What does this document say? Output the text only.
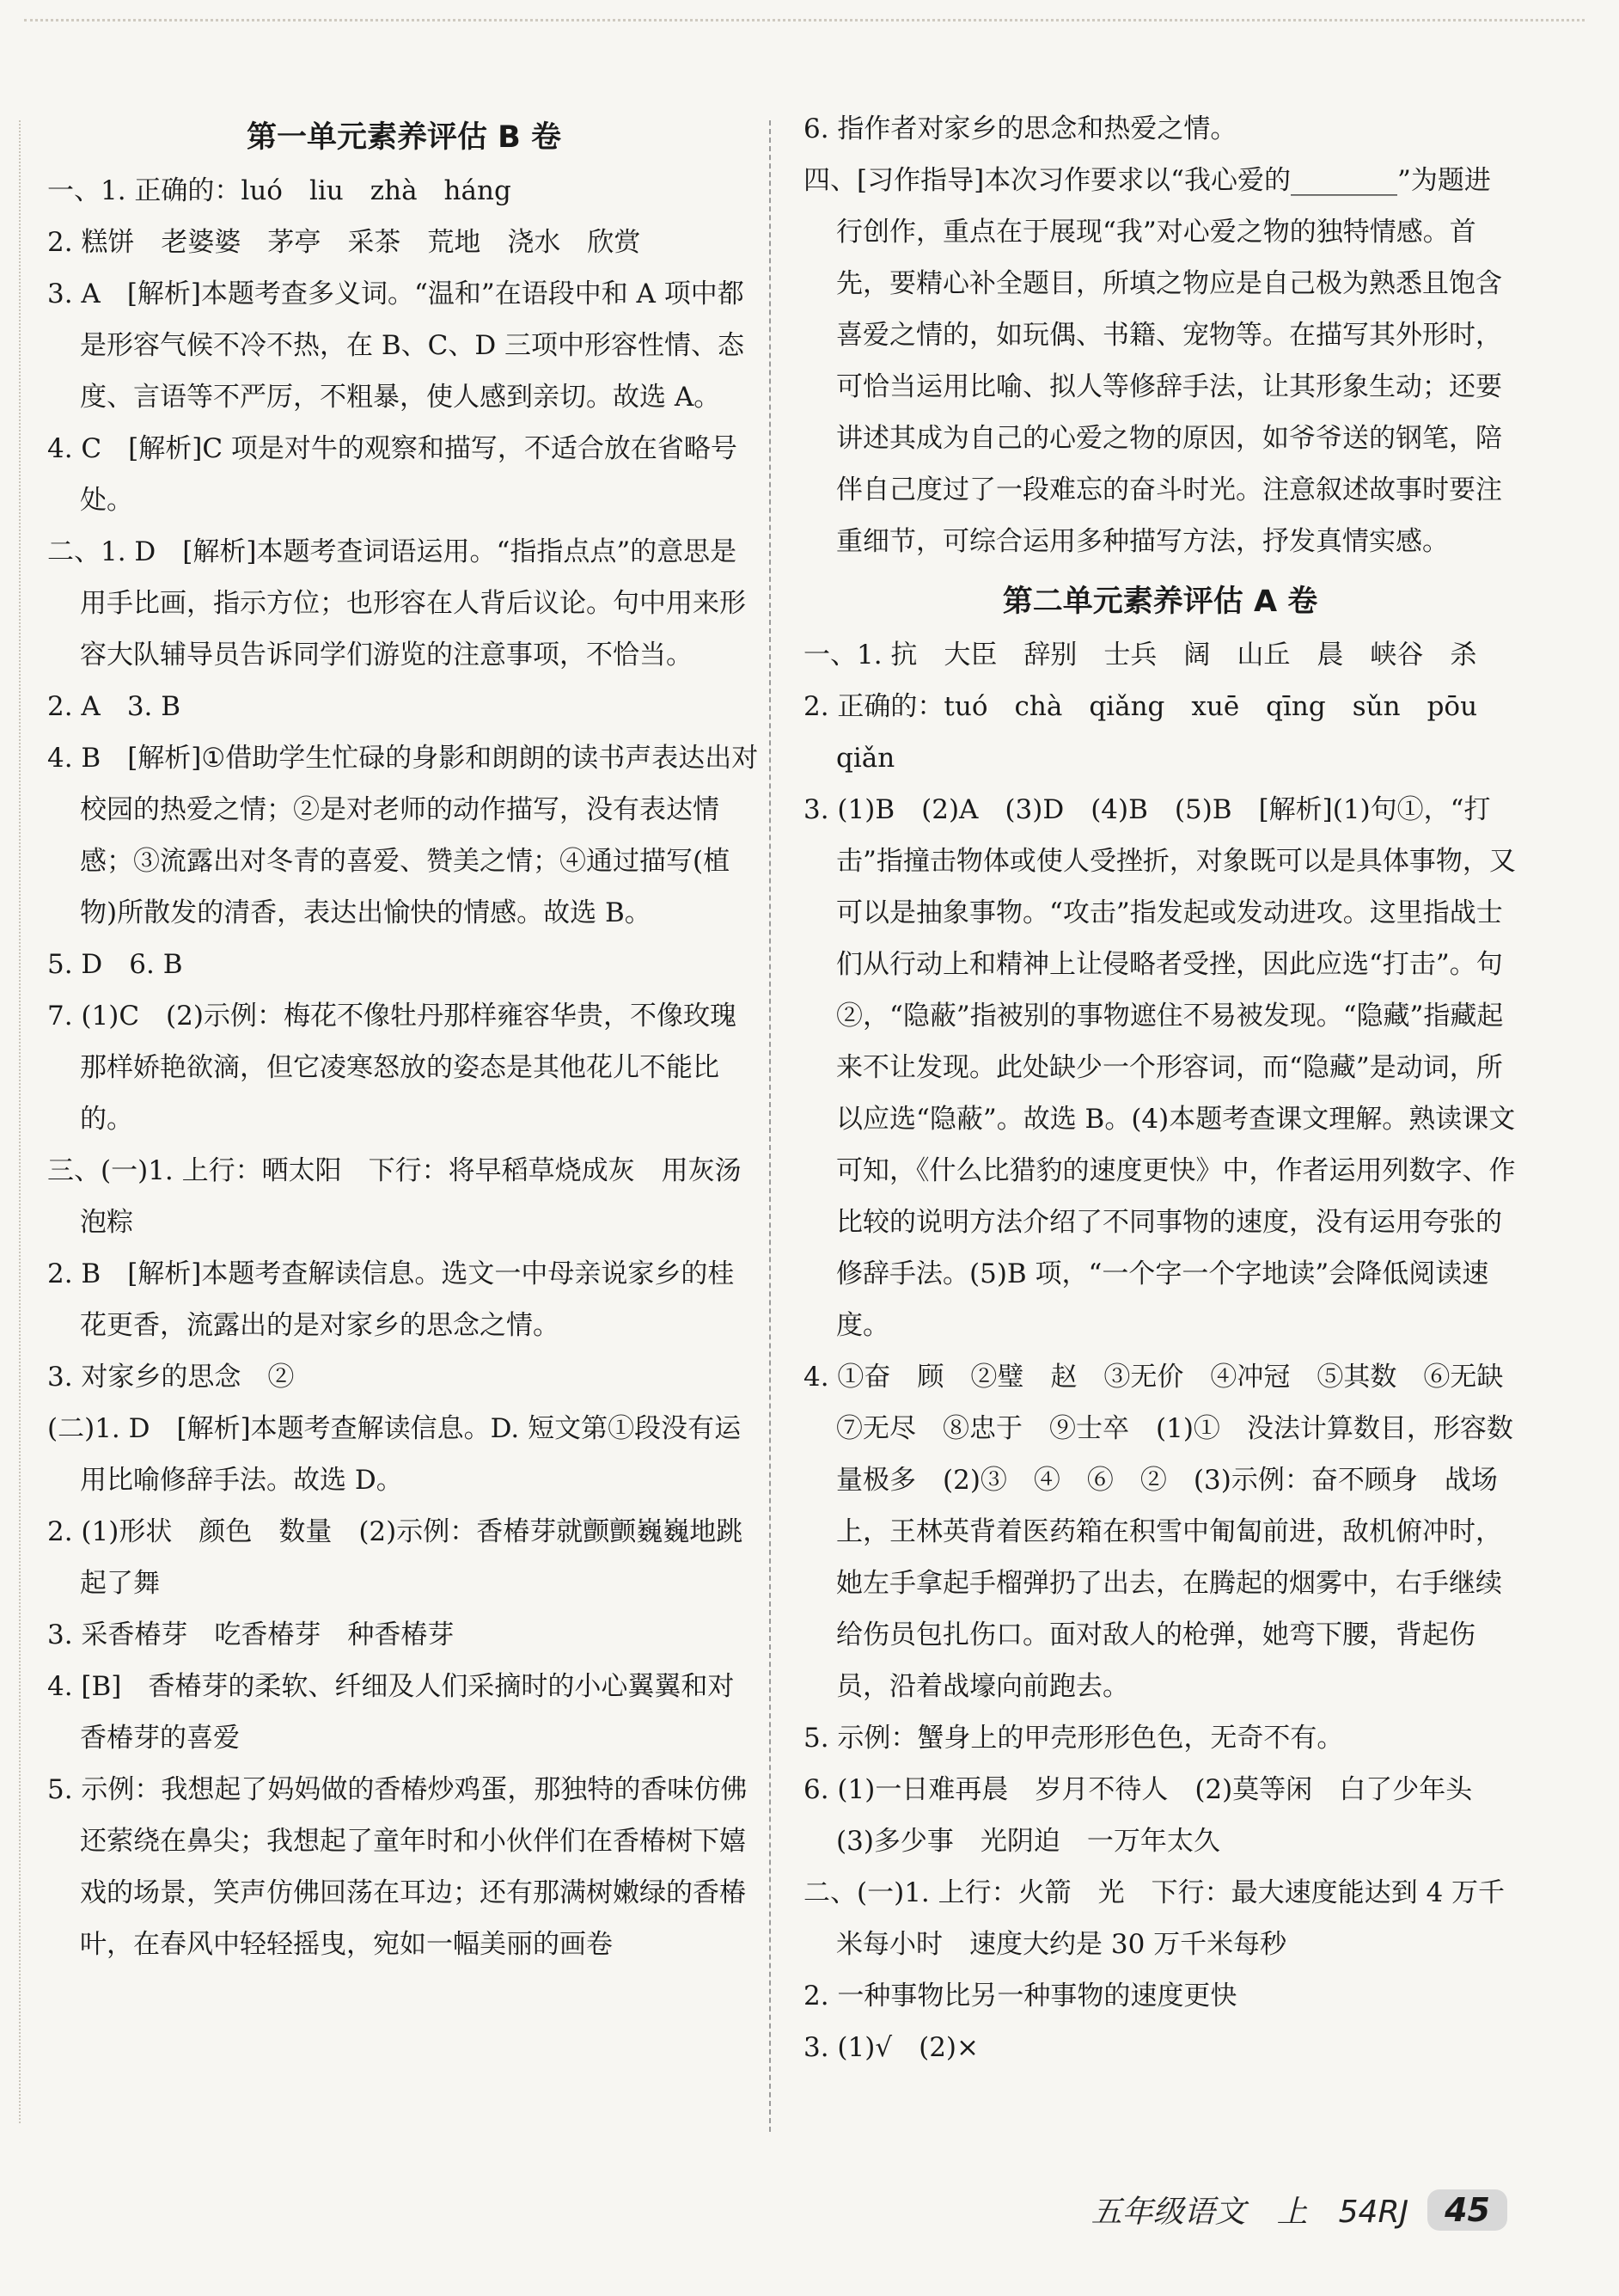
第一单元素养评估 B 卷
一、1. 正确的：luó　liu　zhà　háng
2. 糕饼　老婆婆　茅亭　采茶　荒地　浇水　欣赏
3. A　[解析]本题考查多义词。“温和”在语段中和 A 项中都是形容气候不冷不热，在 B、C、D 三项中形容性情、态度、言语等不严厉，不粗暴，使人感到亲切。故选 A。
4. C　[解析]C 项是对牛的观察和描写，不适合放在省略号处。
二、1. D　[解析]本题考查词语运用。“指指点点”的意思是用手比画，指示方位；也形容在人背后议论。句中用来形容大队辅导员告诉同学们游览的注意事项，不恰当。
2. A　3. B
4. B　[解析]①借助学生忙碌的身影和朗朗的读书声表达出对校园的热爱之情；②是对老师的动作描写，没有表达情感；③流露出对冬青的喜爱、赞美之情；④通过描写(植物)所散发的清香，表达出愉快的情感。故选 B。
5. D　6. B
7. (1)C　(2)示例：梅花不像牡丹那样雍容华贵，不像玫瑰那样娇艳欲滴，但它凌寒怒放的姿态是其他花儿不能比的。
三、(一)1. 上行：晒太阳　下行：将早稻草烧成灰　用灰汤泡粽
2. B　[解析]本题考查解读信息。选文一中母亲说家乡的桂花更香，流露出的是对家乡的思念之情。
3. 对家乡的思念　②
(二)1. D　[解析]本题考查解读信息。D. 短文第①段没有运用比喻修辞手法。故选 D。
2. (1)形状　颜色　数量　(2)示例：香椿芽就颤颤巍巍地跳起了舞
3. 采香椿芽　吃香椿芽　种香椿芽
4. [B]　香椿芽的柔软、纤细及人们采摘时的小心翼翼和对香椿芽的喜爱
5. 示例：我想起了妈妈做的香椿炒鸡蛋，那独特的香味仿佛还萦绕在鼻尖；我想起了童年时和小伙伴们在香椿树下嬉戏的场景，笑声仿佛回荡在耳边；还有那满树嫩绿的香椿叶，在春风中轻轻摇曳，宛如一幅美丽的画卷
6. 指作者对家乡的思念和热爱之情。
四、[习作指导]本次习作要求以“我心爱的________”为题进行创作，重点在于展现“我”对心爱之物的独特情感。首先，要精心补全题目，所填之物应是自己极为熟悉且饱含喜爱之情的，如玩偶、书籍、宠物等。在描写其外形时，可恰当运用比喻、拟人等修辞手法，让其形象生动；还要讲述其成为自己的心爱之物的原因，如爷爷送的钢笔，陪伴自己度过了一段难忘的奋斗时光。注意叙述故事时要注重细节，可综合运用多种描写方法，抒发真情实感。
第二单元素养评估 A 卷
一、1. 抗　大臣　辞别　士兵　阔　山丘　晨　峡谷　杀
2. 正确的：tuó　chà　qiǎng　xuē　qīng　sǔn　pōu　qiǎn
3. (1)B　(2)A　(3)D　(4)B　(5)B　[解析](1)句①，“打击”指撞击物体或使人受挫折，对象既可以是具体事物，又可以是抽象事物。“攻击”指发起或发动进攻。这里指战士们从行动上和精神上让侵略者受挫，因此应选“打击”。句②，“隐蔽”指被别的事物遮住不易被发现。“隐藏”指藏起来不让发现。此处缺少一个形容词，而“隐藏”是动词，所以应选“隐蔽”。故选 B。(4)本题考查课文理解。熟读课文可知，《什么比猎豹的速度更快》中，作者运用列数字、作比较的说明方法介绍了不同事物的速度，没有运用夸张的修辞手法。(5)B 项，“一个字一个字地读”会降低阅读速度。
4. ①奋　顾　②璧　赵　③无价　④冲冠　⑤其数　⑥无缺　⑦无尽　⑧忠于　⑨士卒　(1)①　没法计算数目，形容数量极多　(2)③　④　⑥　②　(3)示例：奋不顾身　战场上，王林英背着医药箱在积雪中匍匐前进，敌机俯冲时，她左手拿起手榴弹扔了出去，在腾起的烟雾中，右手继续给伤员包扎伤口。面对敌人的枪弹，她弯下腰，背起伤员，沿着战壕向前跑去。
5. 示例：蟹身上的甲壳形形色色，无奇不有。
6. (1)一日难再晨　岁月不待人　(2)莫等闲　白了少年头　(3)多少事　光阴迫　一万年太久
二、(一)1. 上行：火箭　光　下行：最大速度能达到 4 万千米每小时　速度大约是 30 万千米每秒
2. 一种事物比另一种事物的速度更快
3. (1)√　(2)×
五年级语文　上　54RJ	45
